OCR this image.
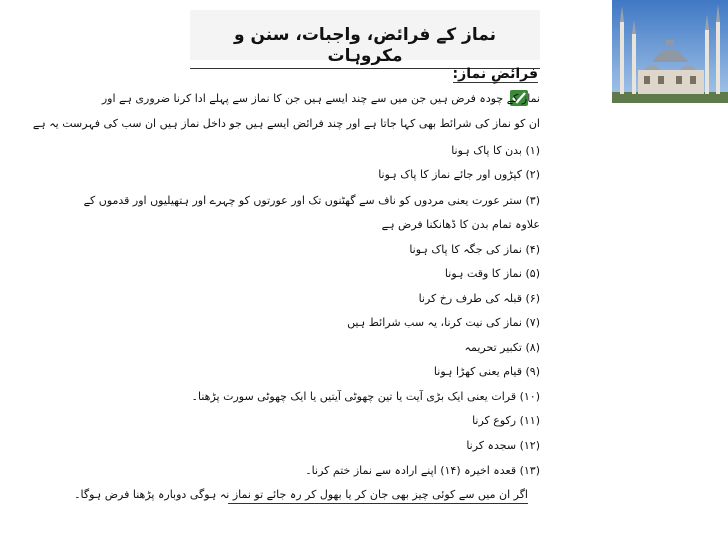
نماز کے فرائض، واجبات، سنن و مکروہات
فرائضِ نماز:
نماز کے چودہ فرض ہیں جن میں سے چند ایسے ہیں جن کا نماز سے پہلے ادا کرنا ضروری ہے اور
ان کو نماز کی شرائط بھی کہا جاتا ہے اور چند فرائض ایسے ہیں جو داخل نماز ہیں ان سب کی فہرست یہ ہے
(۱) بدن کا پاک ہونا
(۲) کپڑوں اور جائے نماز کا پاک ہونا
(۳) ستر عورت یعنی مردوں کو ناف سے گھٹنوں تک اور عورتوں کو چہرے اور ہتھیلیوں اور قدموں کے
علاوہ تمام بدن کا ڈھانکنا فرض ہے
(۴) نماز کی جگہ کا پاک ہونا
(۵) نماز کا وقت ہونا
(۶) قبلہ کی طرف رخ کرنا
(۷) نماز کی نیت کرنا، یہ سب شرائط ہیں
(۸) تکبیر تحریمہ
(۹) قیام یعنی کھڑا ہونا
(۱۰) قرات یعنی ایک بڑی آیت یا تین چھوٹی آیتیں یا ایک چھوٹی سورت پڑھنا۔
(۱۱) رکوع کرنا
(۱۲) سجدہ کرنا
(۱۳) قعدہ اخیرہ (۱۴) اپنے ارادہ سے نماز ختم کرنا۔
اگر ان میں سے کوئی چیز بھی جان کر یا بھول کر رہ جائے تو نماز نہ ہوگی دوبارہ پڑھنا فرض ہوگا۔
